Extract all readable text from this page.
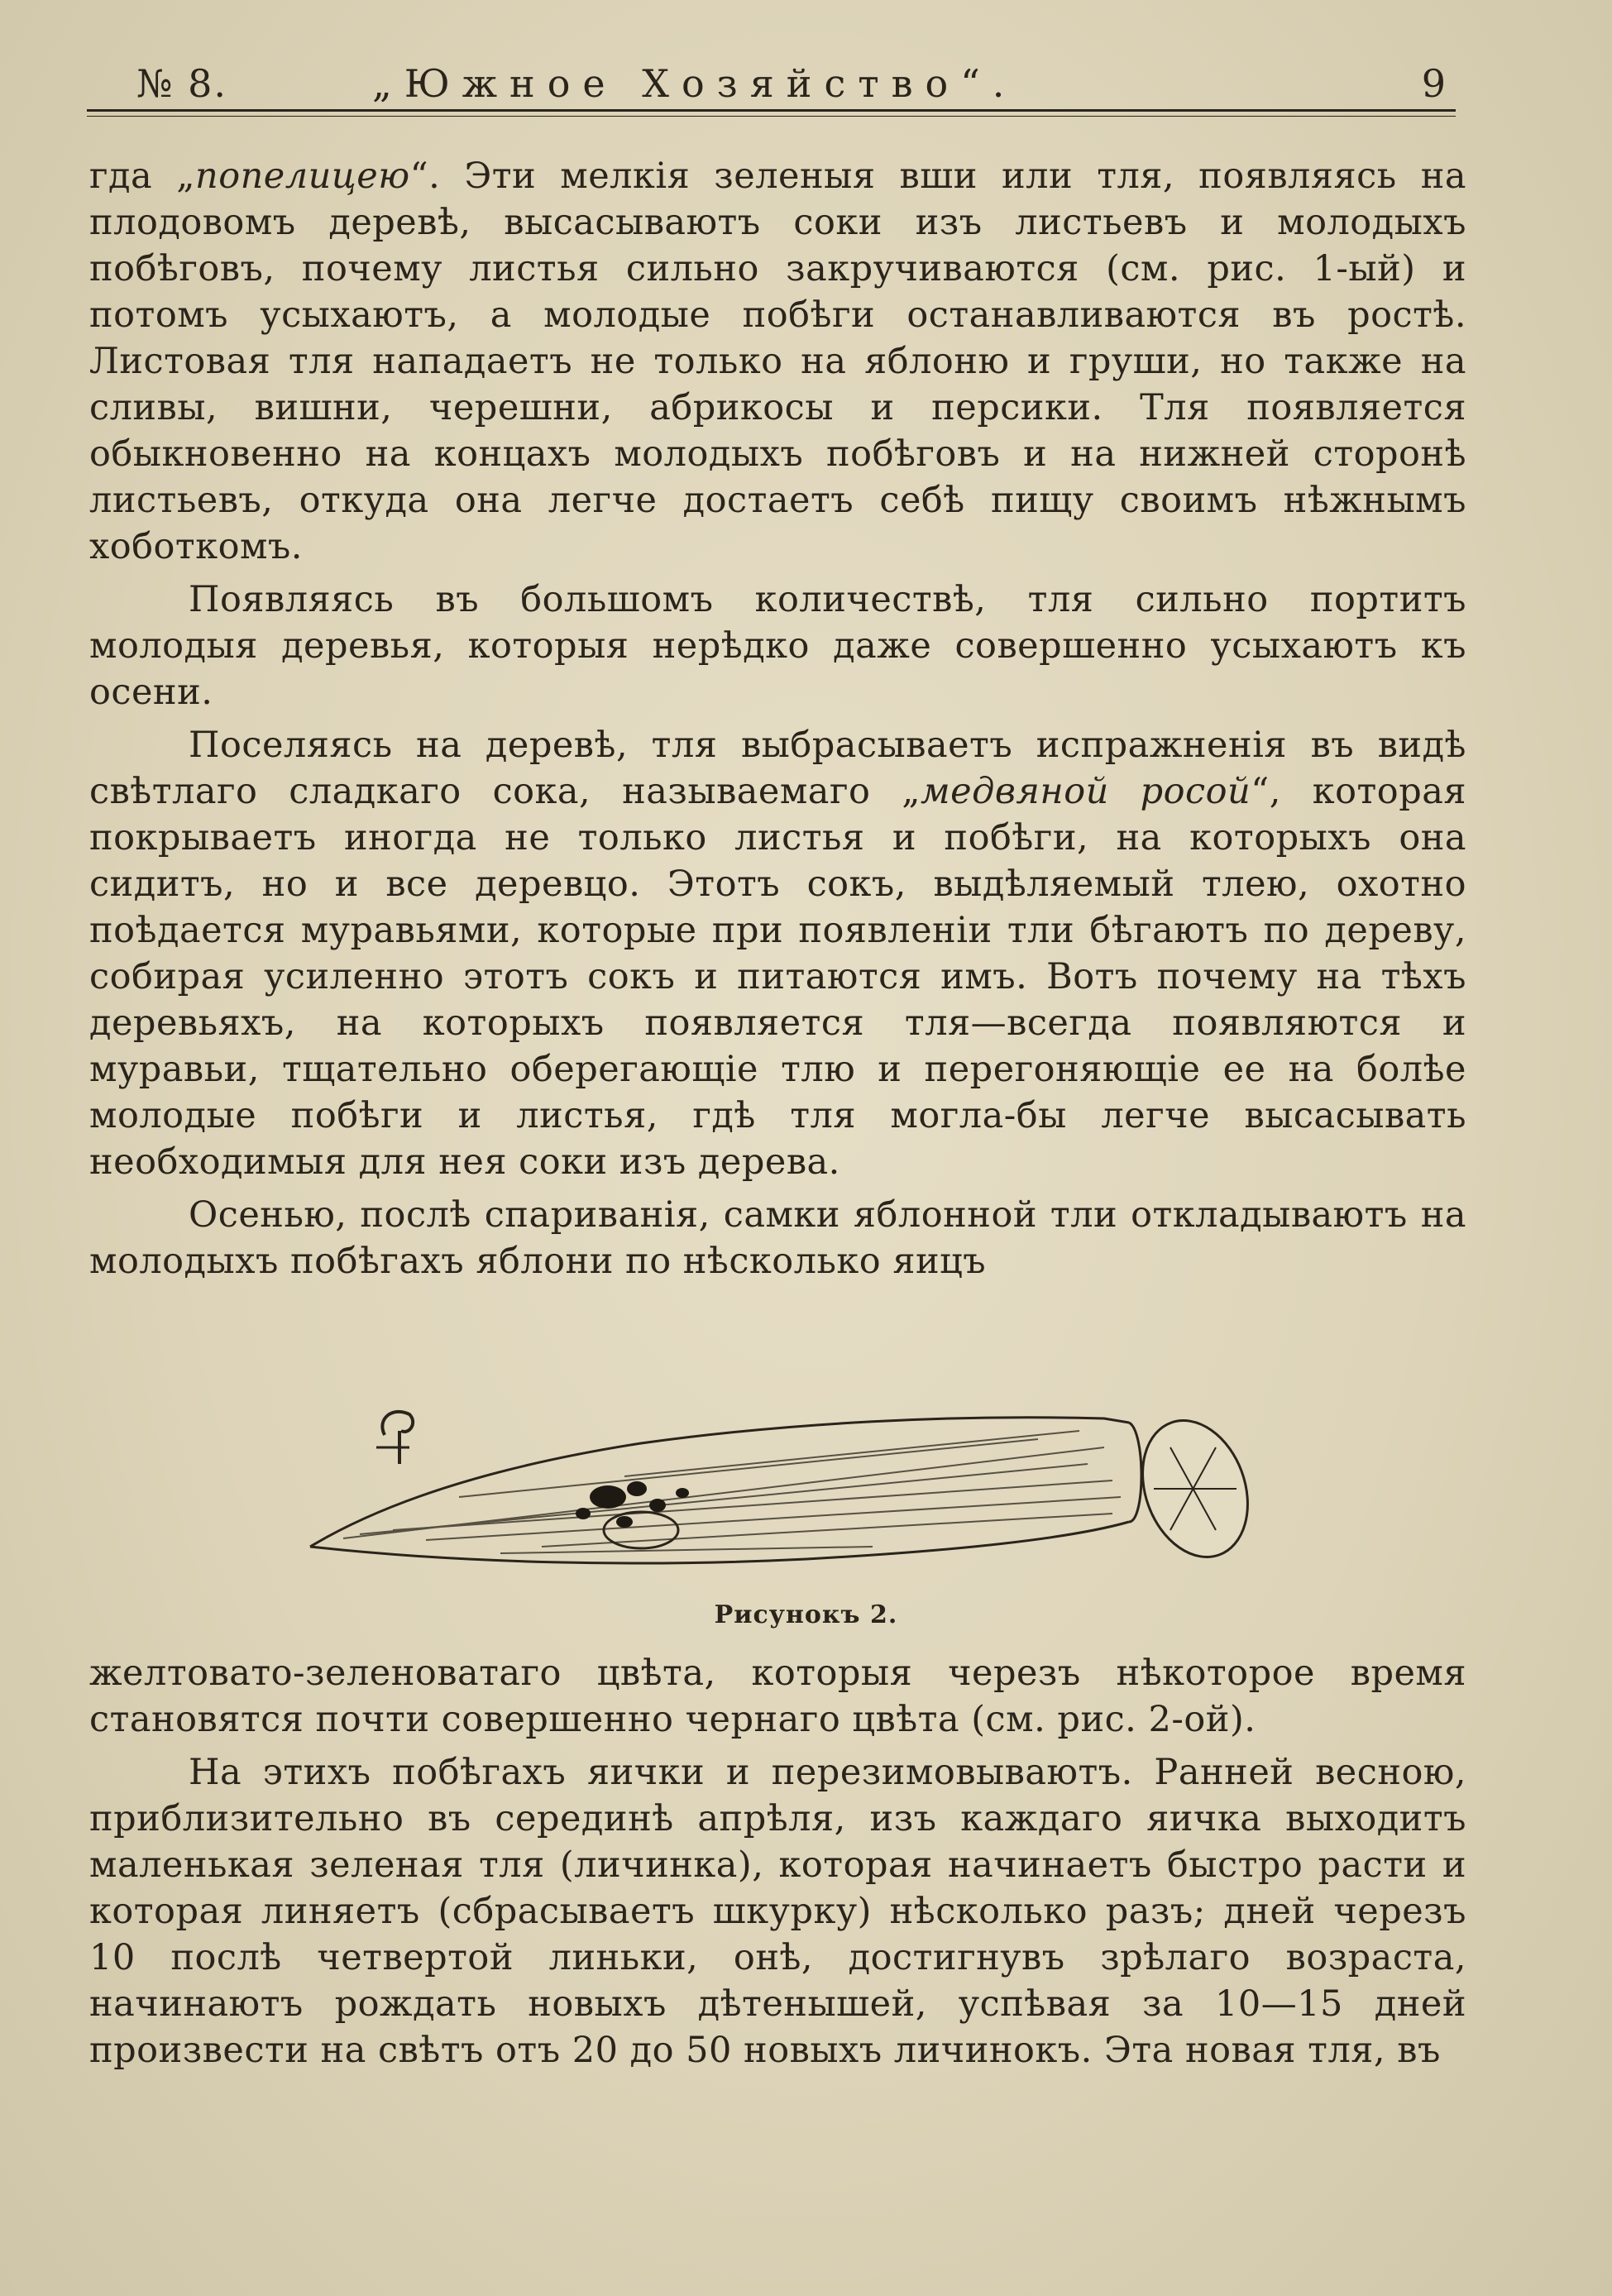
№ 8.	„Южное Хозяйство“.	9

гда „попелицею“. Эти мелкія зеленыя вши или тля, появляясь на плодовомъ деревѣ, высасываютъ соки изъ листьевъ и молодыхъ побѣговъ, почему листья сильно закручиваются (см. рис. 1-ый) и потомъ усыхаютъ, а молодые побѣги останавливаются въ ростѣ. Листовая тля нападаетъ не только на яблоню и груши, но также на сливы, вишни, черешни, абрикосы и персики. Тля появляется обыкновенно на концахъ молодыхъ побѣговъ и на нижней сторонѣ листьевъ, откуда она легче достаетъ себѣ пищу своимъ нѣжнымъ хоботкомъ.

Появляясь въ большомъ количествѣ, тля сильно портитъ молодыя деревья, которыя нерѣдко даже совершенно усыхаютъ къ осени.

Поселяясь на деревѣ, тля выбрасываетъ испражненія въ видѣ свѣтлаго сладкаго сока, называемаго „медвяной росой“, которая покрываетъ иногда не только листья и побѣги, на которыхъ она сидитъ, но и все деревцо. Этотъ сокъ, выдѣляемый тлею, охотно поѣдается муравьями, которые при появленіи тли бѣгаютъ по дереву, собирая усиленно этотъ сокъ и питаются имъ. Вотъ почему на тѣхъ деревьяхъ, на которыхъ появляется тля—всегда появляются и муравьи, тщательно оберегающіе тлю и перегоняющіе ее на болѣе молодые побѣги и листья, гдѣ тля могла-бы легче высасывать необходимыя для нея соки изъ дерева.

Осенью, послѣ спариванія, самки яблонной тли откладываютъ на молодыхъ побѣгахъ яблони по нѣсколько яицъ

Рисунокъ 2.

желтовато-зеленоватаго цвѣта, которыя черезъ нѣкоторое время становятся почти совершенно чернаго цвѣта (см. рис. 2-ой).

На этихъ побѣгахъ яички и перезимовываютъ. Ранней весною, приблизительно въ серединѣ апрѣля, изъ каждаго яичка выходитъ маленькая зеленая тля (личинка), которая начинаетъ быстро расти и которая линяетъ (сбрасываетъ шкурку) нѣсколько разъ; дней черезъ 10 послѣ четвертой линьки, онѣ, достигнувъ зрѣлаго возраста, начинаютъ рождать новыхъ дѣтенышей, успѣвая за 10—15 дней произвести на свѣтъ отъ 20 до 50 новыхъ личинокъ. Эта новая тля, въ
